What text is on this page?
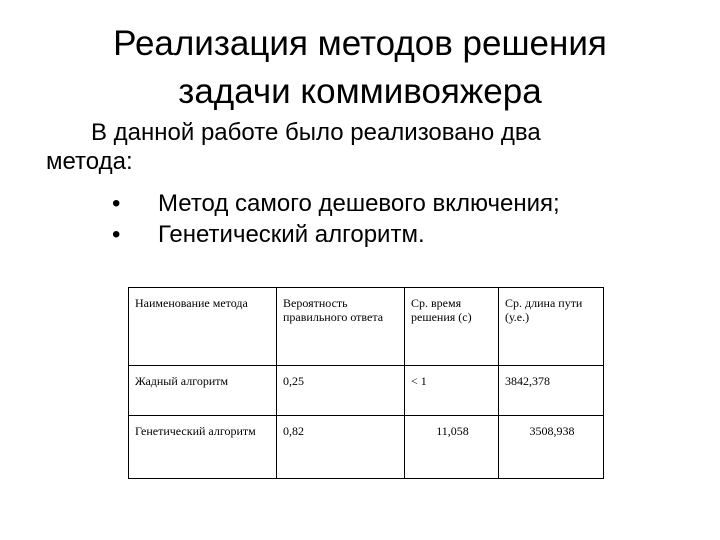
Реализация методов решения
задачи коммивояжера
В данной работе было реализовано два
метода:
•	Метод самого дешевого включения;
•	Генетический алгоритм.
Наименование метода	Вероятность правильного ответа	Ср. время решения (с)	Ср. длина пути (у.е.)
Жадный алгоритм	0,25	< 1	3842,378
Генетический алгоритм	0,82	11,058	3508,938
